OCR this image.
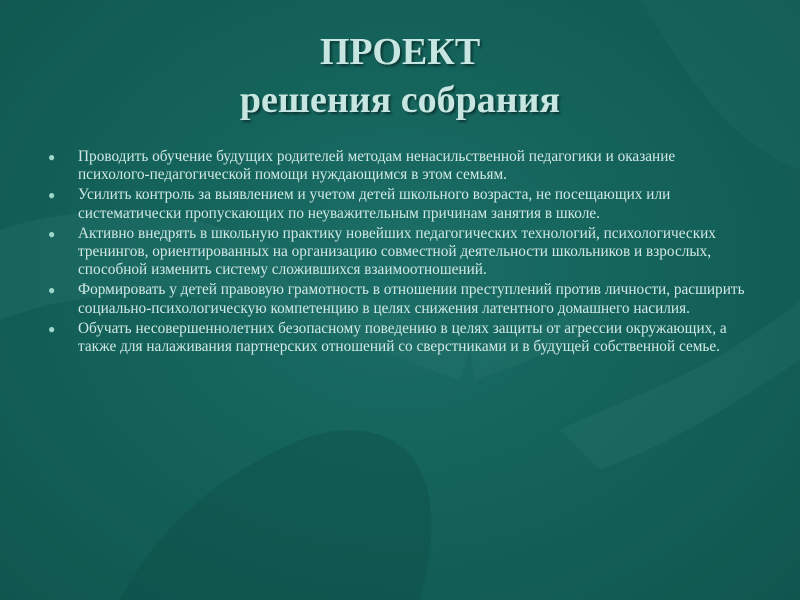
ПРОЕКТ
решения собрания
● Проводить обучение будущих родителей методам ненасильственной педагогики и оказание психолого-педагогической помощи нуждающимся в этом семьям.
● Усилить контроль за выявлением и учетом детей школьного возраста, не посещающих или систематически пропускающих по неуважительным причинам занятия в школе.
● Активно внедрять в школьную практику новейших педагогических технологий, психологических тренингов, ориентированных на организацию совместной деятельности школьников и взрослых, способной изменить систему сложившихся взаимоотношений.
● Формировать у детей правовую грамотность в отношении преступлений против личности, расширить социально-психологическую компетенцию в целях снижения латентного домашнего насилия.
● Обучать несовершеннолетних безопасному поведению в целях защиты от агрессии окружающих, а также для налаживания партнерских отношений со сверстниками и в будущей собственной семье.
